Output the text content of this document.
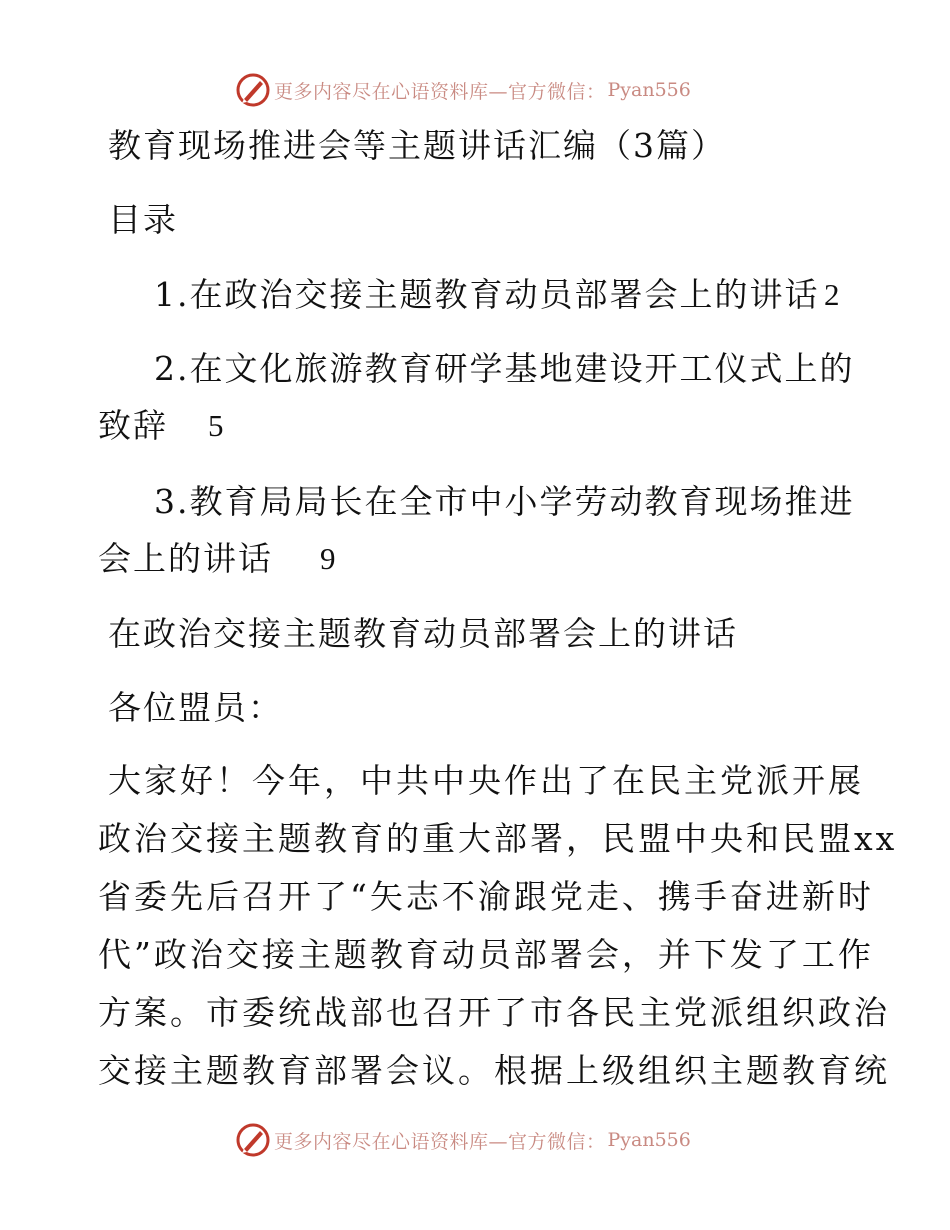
更多内容尽在心语资料库—官方微信： Pyan556
教育现场推进会等主题讲话汇编（3篇）
目录
1.在政治交接主题教育动员部署会上的讲话 2
2.在文化旅游教育研学基地建设开工仪式上的
致辞 5
3.教育局局长在全市中小学劳动教育现场推进
会上的讲话 9
在政治交接主题教育动员部署会上的讲话
各位盟员：
大家好！今年，中共中央作出了在民主党派开展
政治交接主题教育的重大部署，民盟中央和民盟xx
省委先后召开了“矢志不渝跟党走、携手奋进新时
代”政治交接主题教育动员部署会，并下发了工作
方案。市委统战部也召开了市各民主党派组织政治
交接主题教育部署会议。根据上级组织主题教育统
更多内容尽在心语资料库—官方微信： Pyan556
